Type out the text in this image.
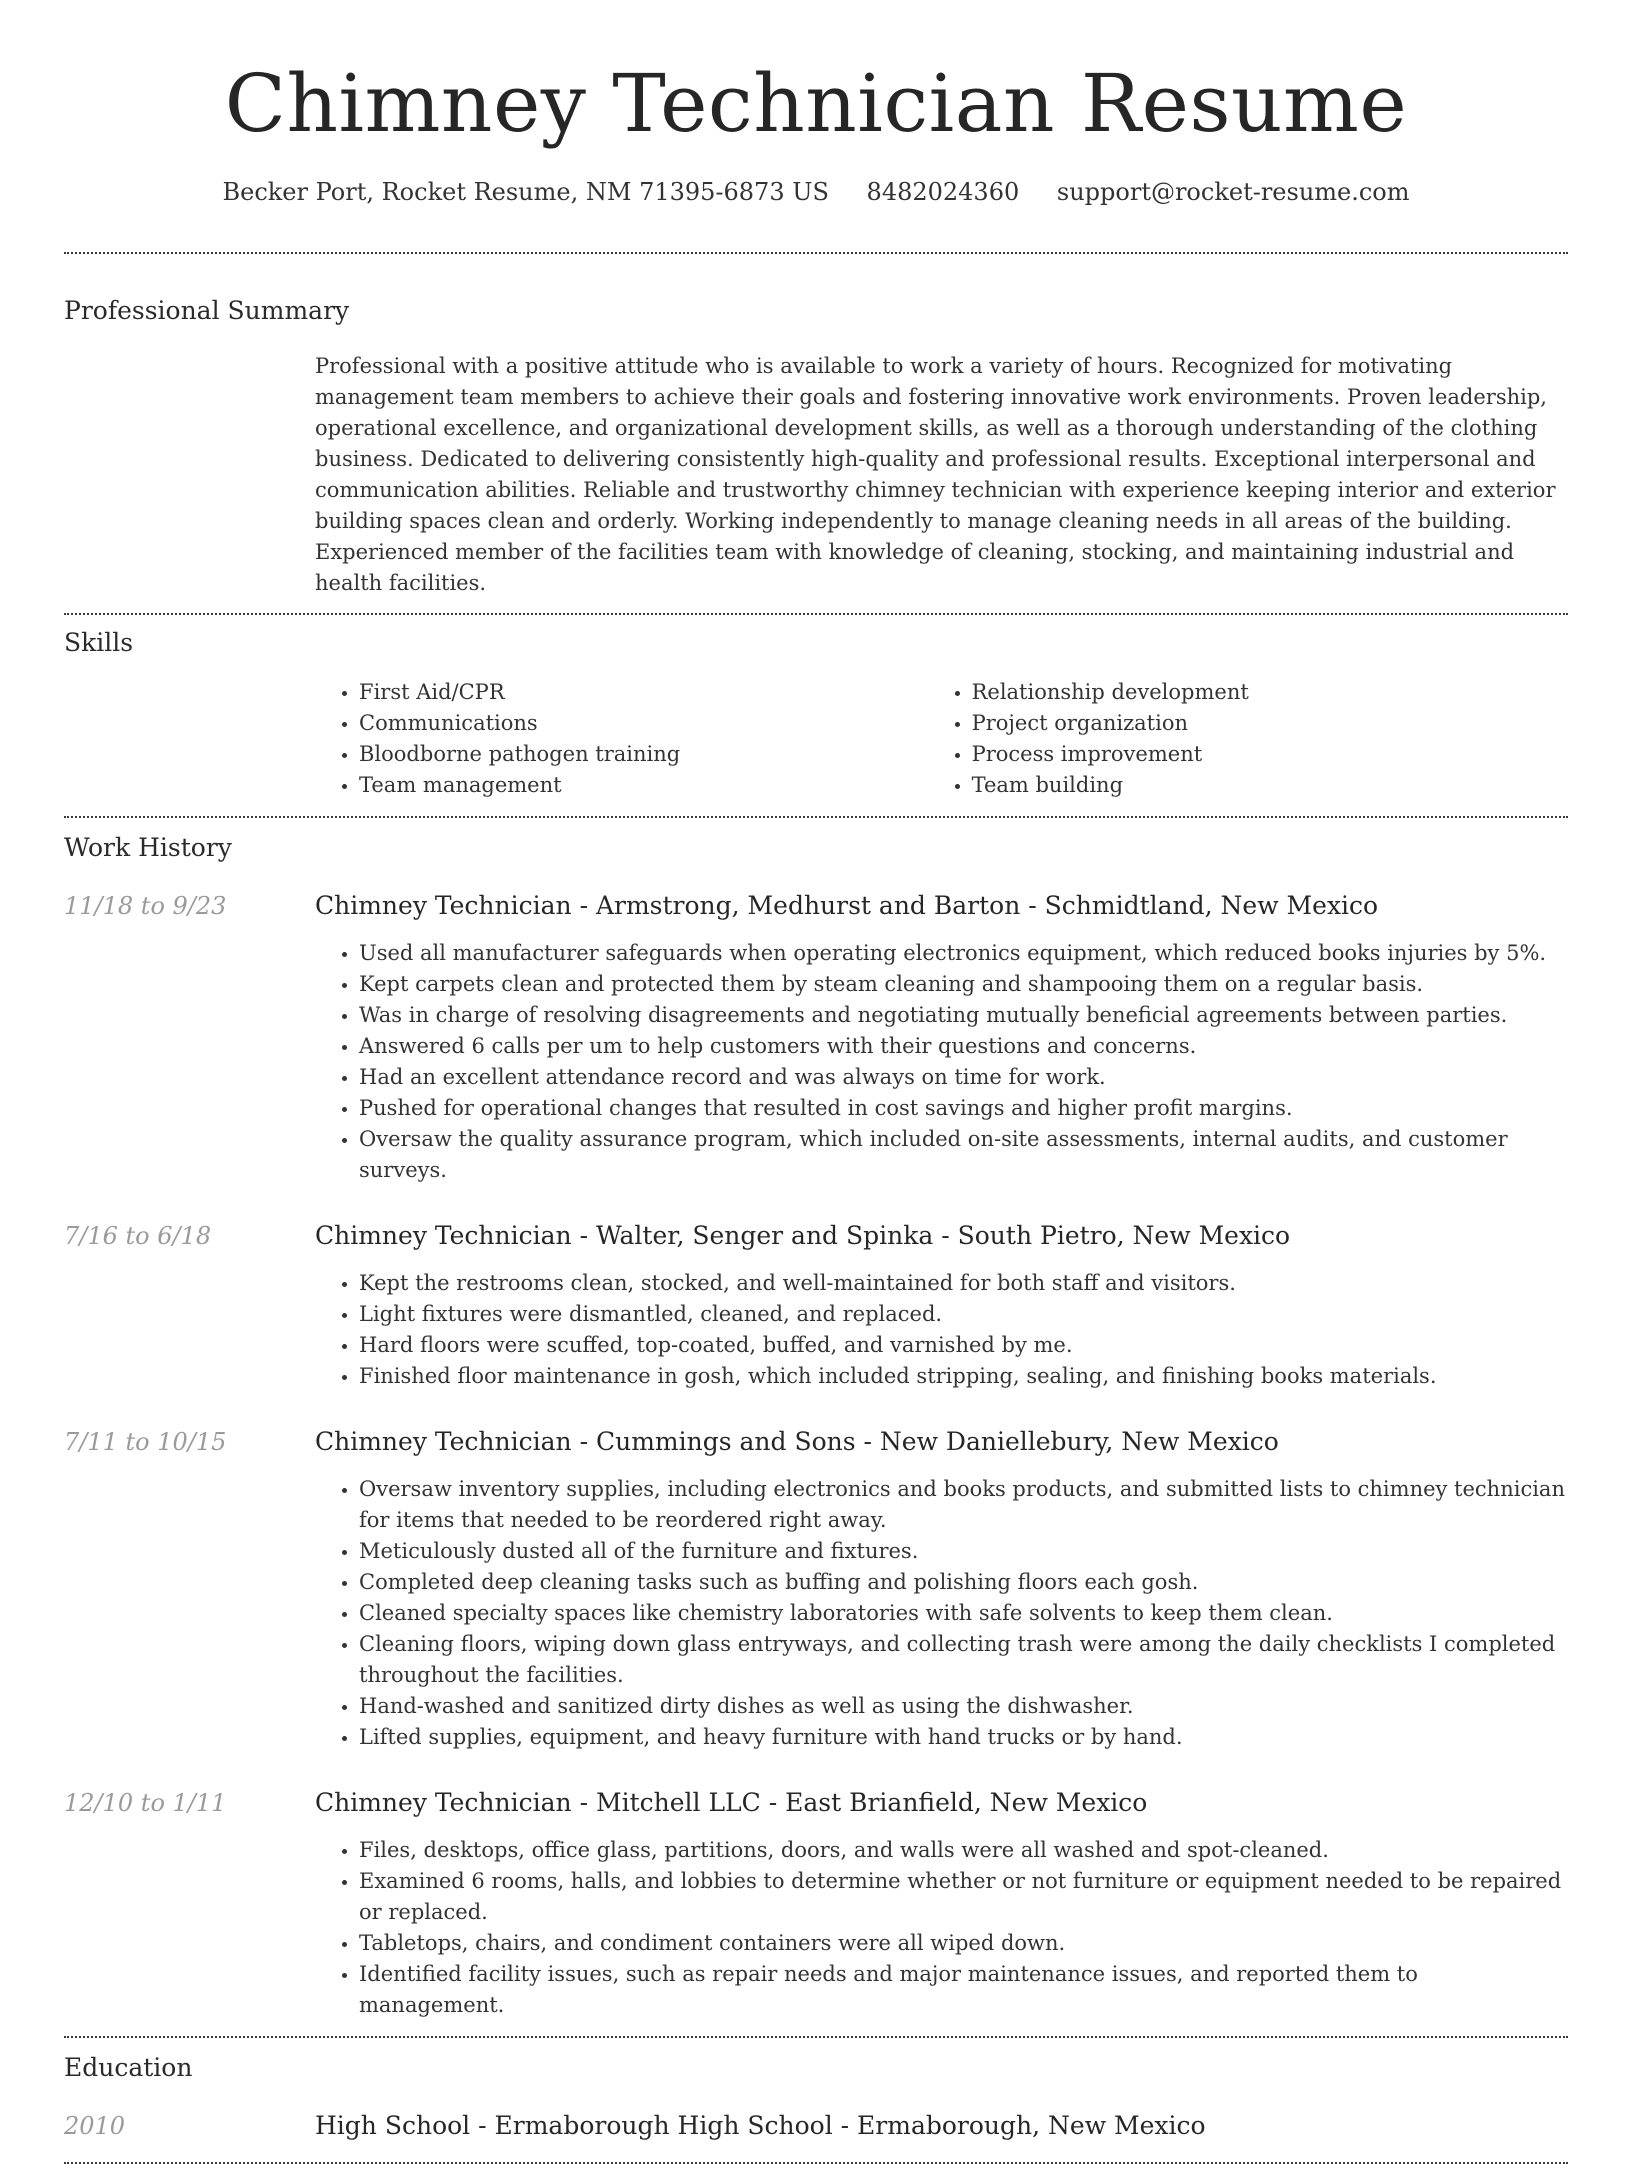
Chimney Technician Resume
Becker Port, Rocket Resume, NM 71395-6873 US 8482024360 support@rocket-resume.com
Professional Summary
Professional with a positive attitude who is available to work a variety of hours. Recognized for motivating management team members to achieve their goals and fostering innovative work environments. Proven leadership, operational excellence, and organizational development skills, as well as a thorough understanding of the clothing business. Dedicated to delivering consistently high-quality and professional results. Exceptional interpersonal and communication abilities. Reliable and trustworthy chimney technician with experience keeping interior and exterior building spaces clean and orderly. Working independently to manage cleaning needs in all areas of the building. Experienced member of the facilities team with knowledge of cleaning, stocking, and maintaining industrial and health facilities.
Skills
• First Aid/CPR
• Communications
• Bloodborne pathogen training
• Team management
• Relationship development
• Project organization
• Process improvement
• Team building
Work History
11/18 to 9/23	Chimney Technician - Armstrong, Medhurst and Barton - Schmidtland, New Mexico
• Used all manufacturer safeguards when operating electronics equipment, which reduced books injuries by 5%.
• Kept carpets clean and protected them by steam cleaning and shampooing them on a regular basis.
• Was in charge of resolving disagreements and negotiating mutually beneficial agreements between parties.
• Answered 6 calls per um to help customers with their questions and concerns.
• Had an excellent attendance record and was always on time for work.
• Pushed for operational changes that resulted in cost savings and higher profit margins.
• Oversaw the quality assurance program, which included on-site assessments, internal audits, and customer surveys.
7/16 to 6/18	Chimney Technician - Walter, Senger and Spinka - South Pietro, New Mexico
• Kept the restrooms clean, stocked, and well-maintained for both staff and visitors.
• Light fixtures were dismantled, cleaned, and replaced.
• Hard floors were scuffed, top-coated, buffed, and varnished by me.
• Finished floor maintenance in gosh, which included stripping, sealing, and finishing books materials.
7/11 to 10/15	Chimney Technician - Cummings and Sons - New Daniellebury, New Mexico
• Oversaw inventory supplies, including electronics and books products, and submitted lists to chimney technician for items that needed to be reordered right away.
• Meticulously dusted all of the furniture and fixtures.
• Completed deep cleaning tasks such as buffing and polishing floors each gosh.
• Cleaned specialty spaces like chemistry laboratories with safe solvents to keep them clean.
• Cleaning floors, wiping down glass entryways, and collecting trash were among the daily checklists I completed throughout the facilities.
• Hand-washed and sanitized dirty dishes as well as using the dishwasher.
• Lifted supplies, equipment, and heavy furniture with hand trucks or by hand.
12/10 to 1/11	Chimney Technician - Mitchell LLC - East Brianfield, New Mexico
• Files, desktops, office glass, partitions, doors, and walls were all washed and spot-cleaned.
• Examined 6 rooms, halls, and lobbies to determine whether or not furniture or equipment needed to be repaired or replaced.
• Tabletops, chairs, and condiment containers were all wiped down.
• Identified facility issues, such as repair needs and major maintenance issues, and reported them to management.
Education
2010	High School - Ermaborough High School - Ermaborough, New Mexico
